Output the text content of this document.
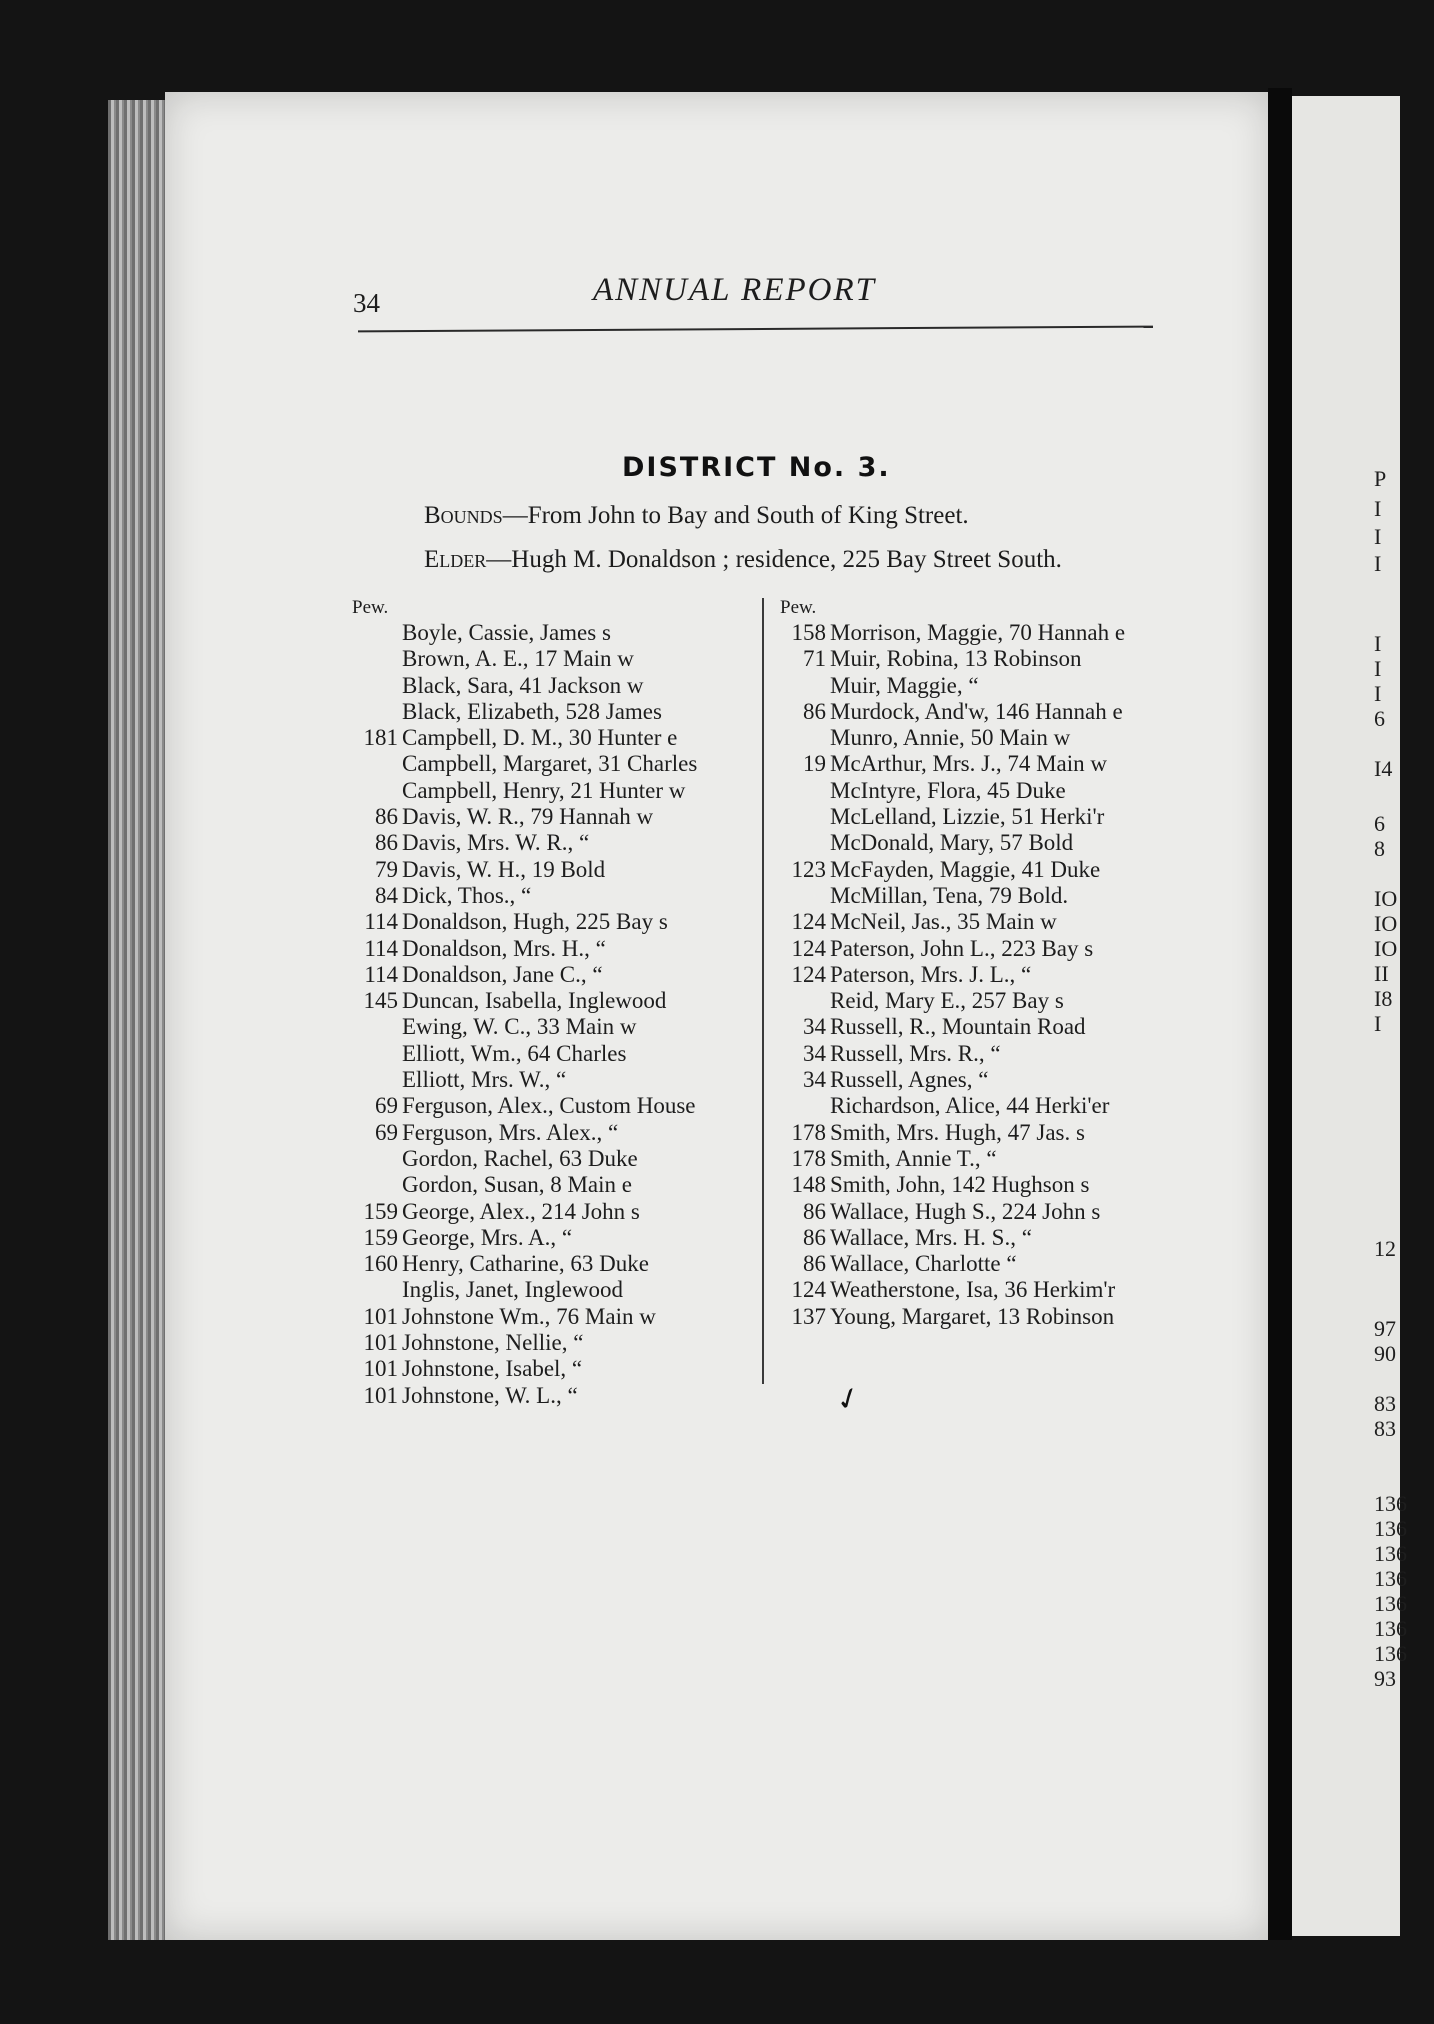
P
I
I
I
I
I
I
6
I4
6
8
IO
IO
IO
II
I8
I
12
97
90
83
83
136
136
136
136
136
136
136
93
34	ANNUAL REPORT
DISTRICT No. 3.
Bounds—From John to Bay and South of King Street.
Elder—Hugh M. Donaldson ; residence, 225 Bay Street South.
Pew.
Boyle, Cassie, James s
Brown, A. E., 17 Main w
Black, Sara, 41 Jackson w
Black, Elizabeth, 528 James
181 Campbell, D. M., 30 Hunter e
Campbell, Margaret, 31 Charles
Campbell, Henry, 21 Hunter w
86 Davis, W. R., 79 Hannah w
86 Davis, Mrs. W. R., “
79 Davis, W. H., 19 Bold
84 Dick, Thos., “
114 Donaldson, Hugh, 225 Bay s
114 Donaldson, Mrs. H., “
114 Donaldson, Jane C., “
145 Duncan, Isabella, Inglewood
Ewing, W. C., 33 Main w
Elliott, Wm., 64 Charles
Elliott, Mrs. W., “
69 Ferguson, Alex., Custom House
69 Ferguson, Mrs. Alex., “
Gordon, Rachel, 63 Duke
Gordon, Susan, 8 Main e
159 George, Alex., 214 John s
159 George, Mrs. A., “
160 Henry, Catharine, 63 Duke
Inglis, Janet, Inglewood
101 Johnstone Wm., 76 Main w
101 Johnstone, Nellie, “
101 Johnstone, Isabel, “
101 Johnstone, W. L., “
Pew.
158 Morrison, Maggie, 70 Hannah e
71 Muir, Robina, 13 Robinson
Muir, Maggie, “
86 Murdock, And'w, 146 Hannah e
Munro, Annie, 50 Main w
19 McArthur, Mrs. J., 74 Main w
McIntyre, Flora, 45 Duke
McLelland, Lizzie, 51 Herki'r
McDonald, Mary, 57 Bold
123 McFayden, Maggie, 41 Duke
McMillan, Tena, 79 Bold.
124 McNeil, Jas., 35 Main w
124 Paterson, John L., 223 Bay s
124 Paterson, Mrs. J. L., “
Reid, Mary E., 257 Bay s
34 Russell, R., Mountain Road
34 Russell, Mrs. R., “
34 Russell, Agnes, “
Richardson, Alice, 44 Herki'er
178 Smith, Mrs. Hugh, 47 Jas. s
178 Smith, Annie T., “
148 Smith, John, 142 Hughson s
86 Wallace, Hugh S., 224 John s
86 Wallace, Mrs. H. S., “
86 Wallace, Charlotte “
124 Weatherstone, Isa, 36 Herkim'r
137 Young, Margaret, 13 Robinson
✓
